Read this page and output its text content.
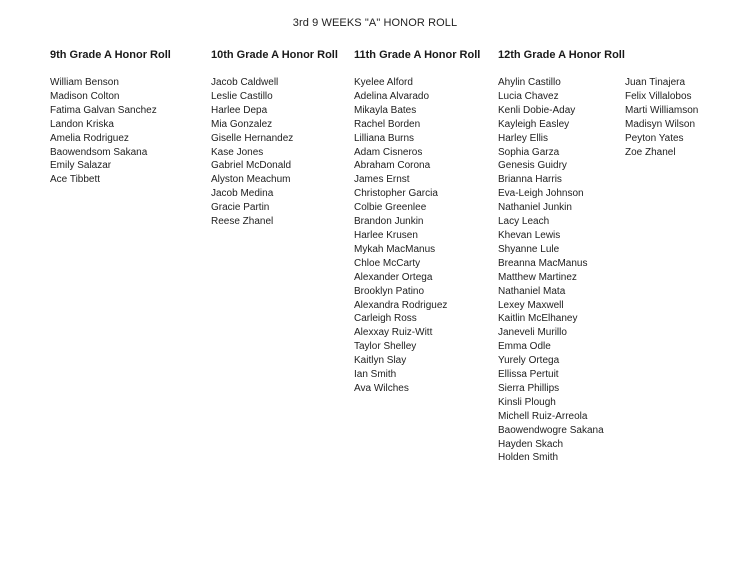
3rd 9 WEEKS "A" HONOR ROLL
9th Grade A Honor Roll
William Benson
Madison Colton
Fatima Galvan Sanchez
Landon Kriska
Amelia Rodriguez
Baowendsom Sakana
Emily Salazar
Ace Tibbett
10th Grade A Honor Roll
Jacob Caldwell
Leslie Castillo
Harlee Depa
Mia Gonzalez
Giselle Hernandez
Kase Jones
Gabriel McDonald
Alyston Meachum
Jacob Medina
Gracie Partin
Reese Zhanel
11th Grade A Honor Roll
Kyelee Alford
Adelina Alvarado
Mikayla Bates
Rachel Borden
Lilliana Burns
Adam Cisneros
Abraham Corona
James Ernst
Christopher Garcia
Colbie Greenlee
Brandon Junkin
Harlee Krusen
Mykah MacManus
Chloe McCarty
Alexander Ortega
Brooklyn Patino
Alexandra Rodriguez
Carleigh Ross
Alexxay Ruiz-Witt
Taylor Shelley
Kaitlyn Slay
Ian Smith
Ava Wilches
12th Grade A Honor Roll
Ahylin Castillo
Lucia Chavez
Kenli Dobie-Aday
Kayleigh Easley
Harley Ellis
Sophia Garza
Genesis Guidry
Brianna Harris
Eva-Leigh Johnson
Nathaniel Junkin
Lacy Leach
Khevan Lewis
Shyanne Lule
Breanna MacManus
Matthew Martinez
Nathaniel Mata
Lexey Maxwell
Kaitlin McElhaney
Janeveli Murillo
Emma Odle
Yurely Ortega
Ellissa Pertuit
Sierra Phillips
Kinsli Plough
Michell Ruiz-Arreola
Baowendwogre Sakana
Hayden Skach
Holden Smith
Juan Tinajera
Felix Villalobos
Marti Williamson
Madisyn Wilson
Peyton Yates
Zoe Zhanel
